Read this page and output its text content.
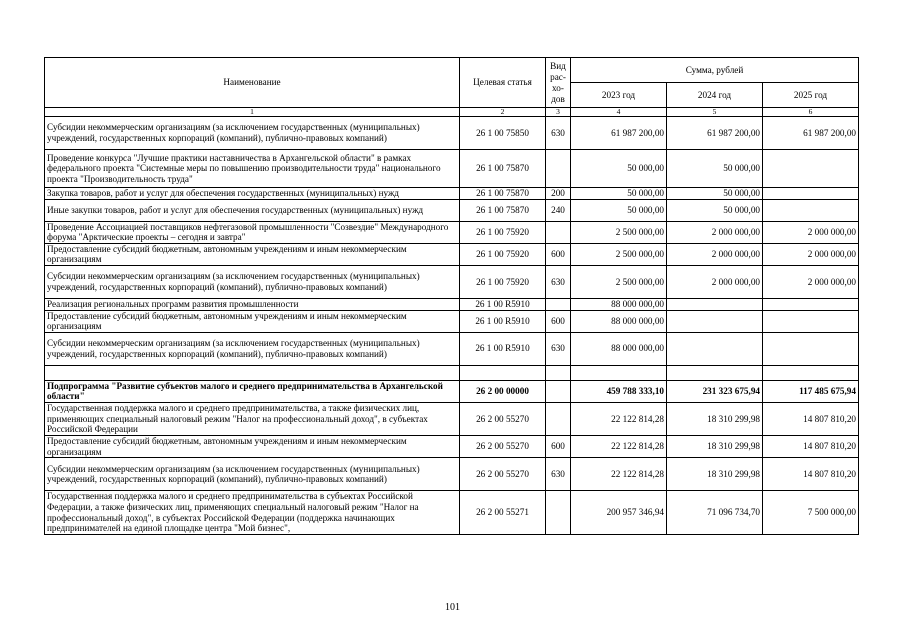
Наименование	Целевая статья	Вид рас-хо-дов	Сумма, рублей		
			2023 год	2024 год	2025 год
1	2	3	4	5	6
Субсидии некоммерческим организациям (за исключением государственных (муниципальных) учреждений, государственных корпораций (компаний), публично-правовых компаний)	26 1 00 75850	630	61 987 200,00	61 987 200,00	61 987 200,00
Проведение конкурса "Лучшие практики наставничества в Архангельской области" в рамках федерального проекта "Системные меры по повышению производительности труда" национального проекта "Производительность труда"	26 1 00 75870		50 000,00	50 000,00	
Закупка товаров, работ и услуг для обеспечения государственных (муниципальных) нужд	26 1 00 75870	200	50 000,00	50 000,00	
Иные закупки товаров, работ и услуг для обеспечения государственных (муниципальных) нужд	26 1 00 75870	240	50 000,00	50 000,00	
Проведение Ассоциацией поставщиков нефтегазовой промышленности "Созвездие" Международного форума "Арктические проекты – сегодня и завтра"	26 1 00 75920		2 500 000,00	2 000 000,00	2 000 000,00
Предоставление субсидий бюджетным, автономным учреждениям и иным некоммерческим организациям	26 1 00 75920	600	2 500 000,00	2 000 000,00	2 000 000,00
Субсидии некоммерческим организациям (за исключением государственных (муниципальных) учреждений, государственных корпораций (компаний), публично-правовых компаний)	26 1 00 75920	630	2 500 000,00	2 000 000,00	2 000 000,00
Реализация региональных программ развития промышленности	26 1 00 R5910		88 000 000,00		
Предоставление субсидий бюджетным, автономным учреждениям и иным некоммерческим организациям	26 1 00 R5910	600	88 000 000,00		
Субсидии некоммерческим организациям (за исключением государственных (муниципальных) учреждений, государственных корпораций (компаний), публично-правовых компаний)	26 1 00 R5910	630	88 000 000,00		

Подпрограмма "Развитие субъектов малого и среднего предпринимательства в Архангельской области"	26 2 00 00000		459 788 333,10	231 323 675,94	117 485 675,94
Государственная поддержка малого и среднего предпринимательства, а также физических лиц, применяющих специальный налоговый режим "Налог на профессиональный доход", в субъектах Российской Федерации	26 2 00 55270		22 122 814,28	18 310 299,98	14 807 810,20
Предоставление субсидий бюджетным, автономным учреждениям и иным некоммерческим организациям	26 2 00 55270	600	22 122 814,28	18 310 299,98	14 807 810,20
Субсидии некоммерческим организациям (за исключением государственных (муниципальных) учреждений, государственных корпораций (компаний), публично-правовых компаний)	26 2 00 55270	630	22 122 814,28	18 310 299,98	14 807 810,20
Государственная поддержка малого и среднего предпринимательства в субъектах Российской Федерации, а также физических лиц, применяющих специальный налоговый режим "Налог на профессиональный доход", в субъектах Российской Федерации (поддержка начинающих предпринимателей на единой площадке центра "Мой бизнес",	26 2 00 55271		200 957 346,94	71 096 734,70	7 500 000,00
101
